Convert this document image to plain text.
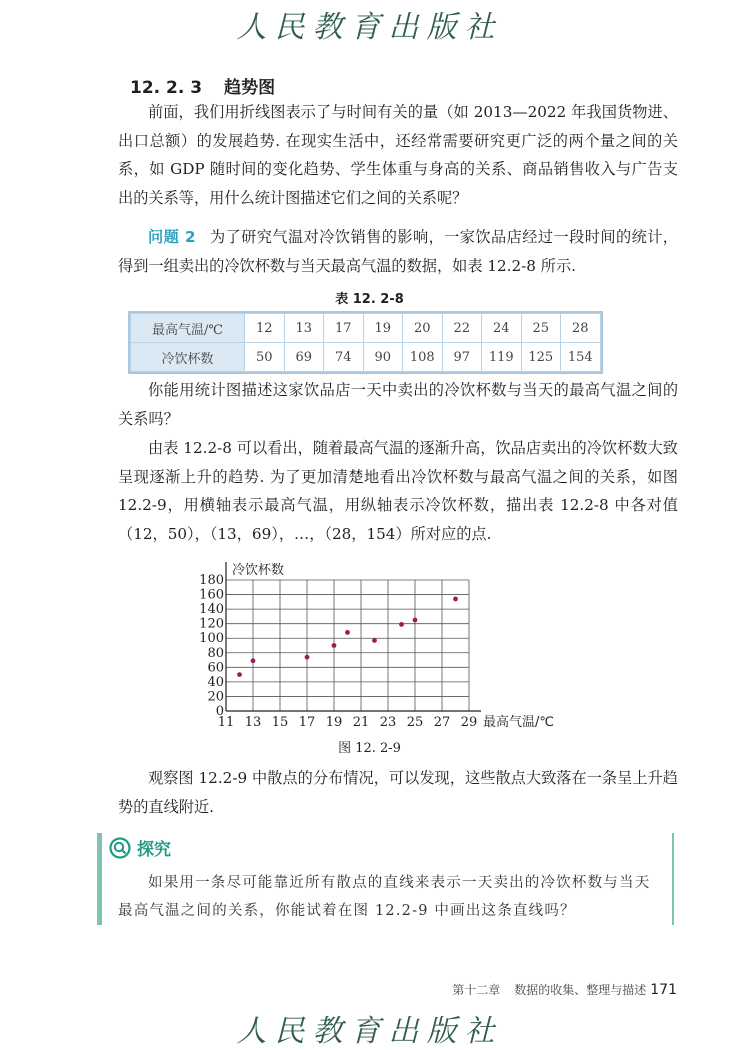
人民教育出版社
12. 2. 3 趋势图

前面，我们用折线图表示了与时间有关的量（如 2013—2022 年我国货物进、出口总额）的发展趋势. 在现实生活中，还经常需要研究更广泛的两个量之间的关系，如 GDP 随时间的变化趋势、学生体重与身高的关系、商品销售收入与广告支出的关系等，用什么统计图描述它们之间的关系呢？

问题 2 为了研究气温对冷饮销售的影响，一家饮品店经过一段时间的统计，得到一组卖出的冷饮杯数与当天最高气温的数据，如表 12.2-8 所示.

表 12. 2-8
最高气温/℃	12	13	17	19	20	22	24	25	28
冷饮杯数	50	69	74	90	108	97	119	125	154

你能用统计图描述这家饮品店一天中卖出的冷饮杯数与当天的最高气温之间的关系吗？

由表 12.2-8 可以看出，随着最高气温的逐渐升高，饮品店卖出的冷饮杯数大致呈现逐渐上升的趋势. 为了更加清楚地看出冷饮杯数与最高气温之间的关系，如图 12.2-9，用横轴表示最高气温，用纵轴表示冷饮杯数，描出表 12.2-8 中各对值（12，50），（13，69），…，（28，154）所对应的点.

11 13 15 17 19 21 23 25 27 29
0
20
40
60
80
100
120
140
160
180
冷饮杯数
最高气温/℃
图 12. 2-9

观察图 12.2-9 中散点的分布情况，可以发现，这些散点大致落在一条呈上升趋势的直线附近.

探究

如果用一条尽可能靠近所有散点的直线来表示一天卖出的冷饮杯数与当天最高气温之间的关系，你能试着在图 12.2-9 中画出这条直线吗？

第十二章 数据的收集、整理与描述 171
人民教育出版社
